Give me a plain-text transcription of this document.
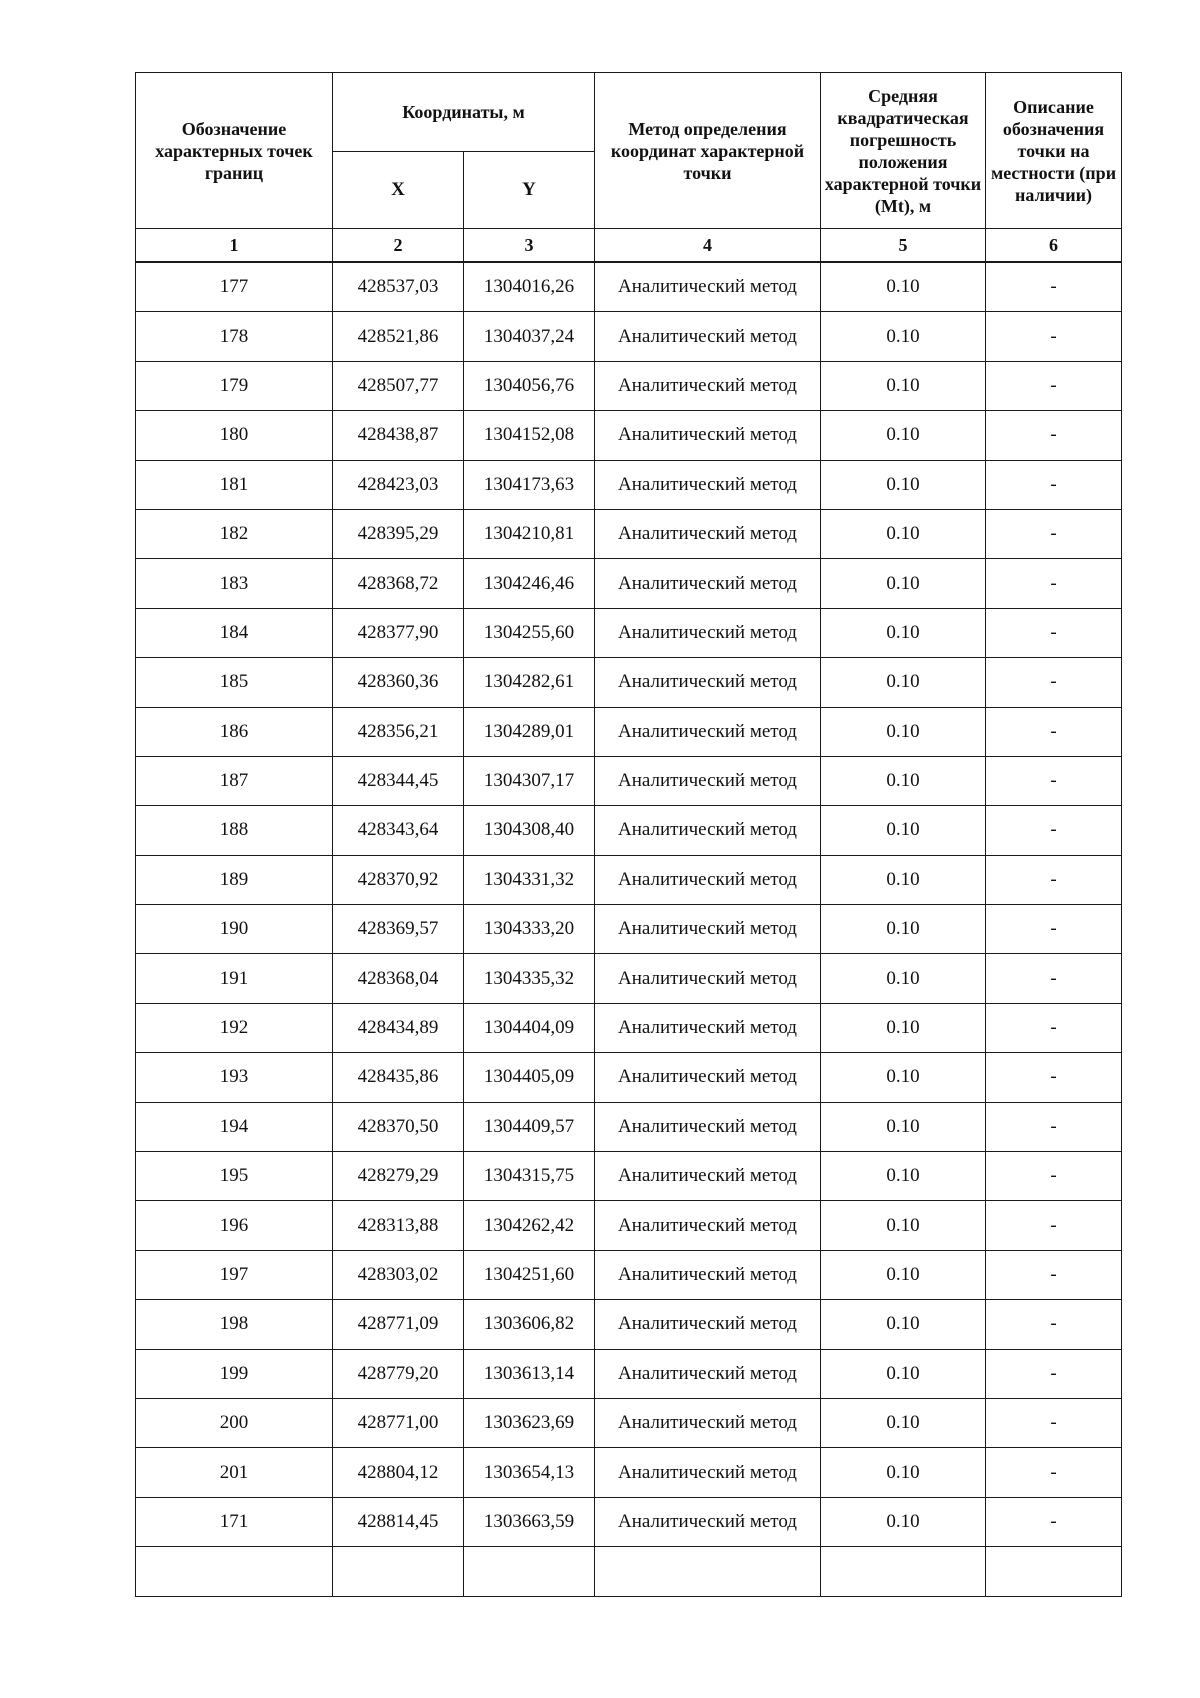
Обозначение характерных точек границ	Координаты, м		Метод определения координат характерной точки	Средняя квадратическая погрешность положения характерной точки (Mt), м	Описание обозначения точки на местности (при наличии)
	X	Y			
1	2	3	4	5	6
177	428537,03	1304016,26	Аналитический метод	0.10	-
178	428521,86	1304037,24	Аналитический метод	0.10	-
179	428507,77	1304056,76	Аналитический метод	0.10	-
180	428438,87	1304152,08	Аналитический метод	0.10	-
181	428423,03	1304173,63	Аналитический метод	0.10	-
182	428395,29	1304210,81	Аналитический метод	0.10	-
183	428368,72	1304246,46	Аналитический метод	0.10	-
184	428377,90	1304255,60	Аналитический метод	0.10	-
185	428360,36	1304282,61	Аналитический метод	0.10	-
186	428356,21	1304289,01	Аналитический метод	0.10	-
187	428344,45	1304307,17	Аналитический метод	0.10	-
188	428343,64	1304308,40	Аналитический метод	0.10	-
189	428370,92	1304331,32	Аналитический метод	0.10	-
190	428369,57	1304333,20	Аналитический метод	0.10	-
191	428368,04	1304335,32	Аналитический метод	0.10	-
192	428434,89	1304404,09	Аналитический метод	0.10	-
193	428435,86	1304405,09	Аналитический метод	0.10	-
194	428370,50	1304409,57	Аналитический метод	0.10	-
195	428279,29	1304315,75	Аналитический метод	0.10	-
196	428313,88	1304262,42	Аналитический метод	0.10	-
197	428303,02	1304251,60	Аналитический метод	0.10	-
198	428771,09	1303606,82	Аналитический метод	0.10	-
199	428779,20	1303613,14	Аналитический метод	0.10	-
200	428771,00	1303623,69	Аналитический метод	0.10	-
201	428804,12	1303654,13	Аналитический метод	0.10	-
171	428814,45	1303663,59	Аналитический метод	0.10	-
